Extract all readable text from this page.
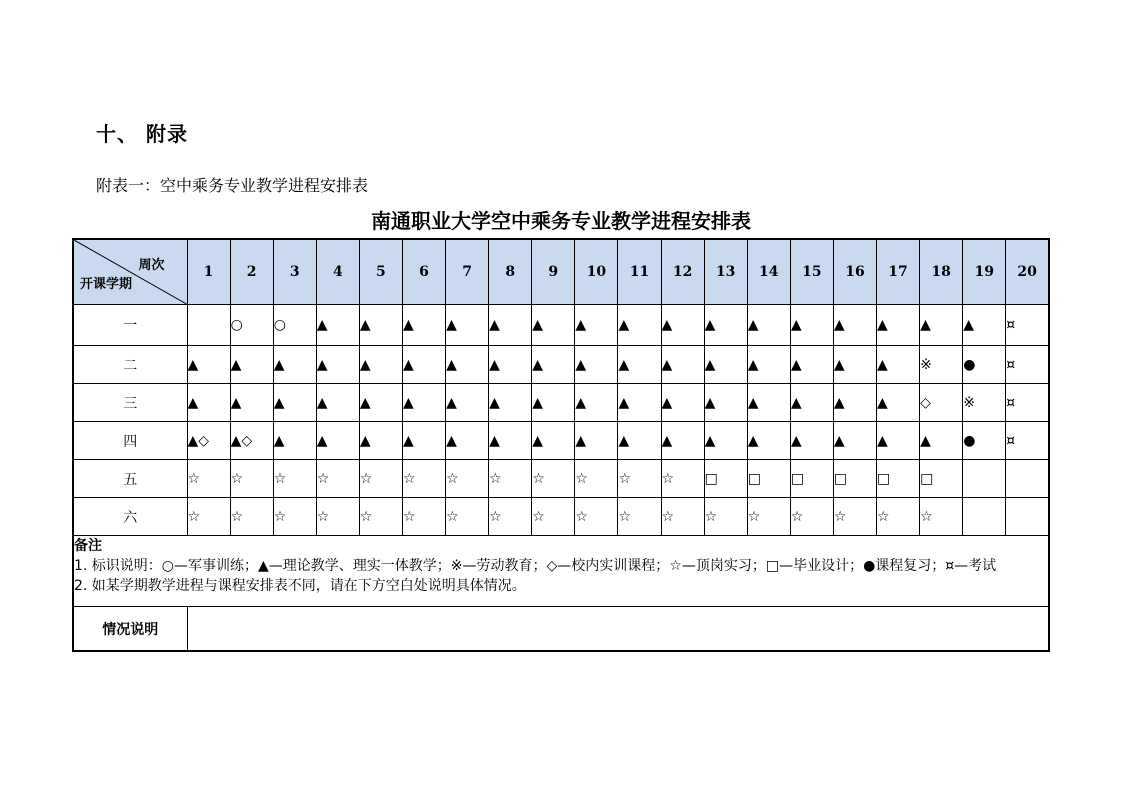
十、 附录
附表一：空中乘务专业教学进程安排表
南通职业大学空中乘务专业教学进程安排表
周次
开课学期	1	2	3	4	5	6	7	8	9	10	11	12	13	14	15	16	17	18	19	20
一		○	○	▲	▲	▲	▲	▲	▲	▲	▲	▲	▲	▲	▲	▲	▲	▲	▲	¤
二	▲	▲	▲	▲	▲	▲	▲	▲	▲	▲	▲	▲	▲	▲	▲	▲	▲	※	●	¤
三	▲	▲	▲	▲	▲	▲	▲	▲	▲	▲	▲	▲	▲	▲	▲	▲	▲	◇	※	¤
四	▲◇	▲◇	▲	▲	▲	▲	▲	▲	▲	▲	▲	▲	▲	▲	▲	▲	▲	▲	●	¤
五	☆	☆	☆	☆	☆	☆	☆	☆	☆	☆	☆	☆	□	□	□	□	□	□		
六	☆	☆	☆	☆	☆	☆	☆	☆	☆	☆	☆	☆	☆	☆	☆	☆	☆	☆		

备注
1. 标识说明：○—军事训练；▲—理论教学、理实一体教学；※—劳动教育；◇—校内实训课程；☆—顶岗实习；□—毕业设计；●课程复习；¤—考试
2. 如某学期教学进程与课程安排表不同，请在下方空白处说明具体情况。																				

情况说明																				
